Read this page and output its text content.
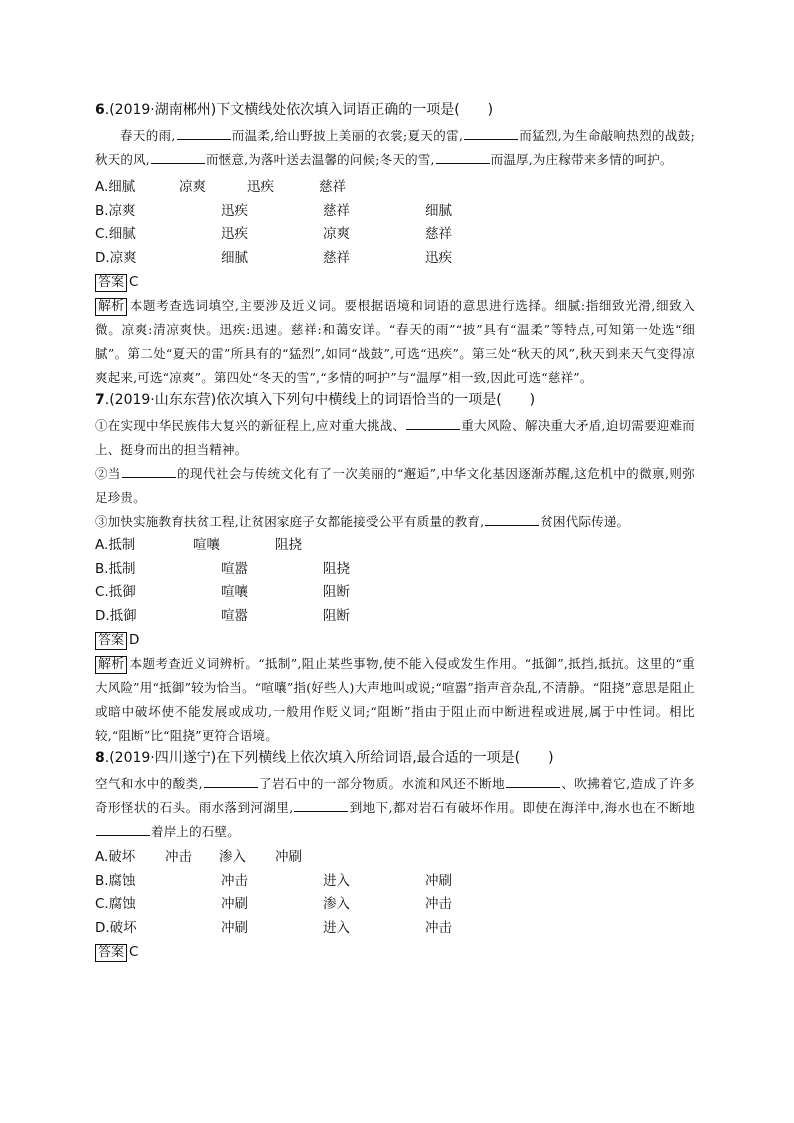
6.(2019·湖南郴州)下文横线处依次填入词语正确的一项是(　　)

春天的雨,	而温柔,给山野披上美丽的衣裳;夏天的雷,	而猛烈,为生命敲响热烈的战鼓;秋天的风,	而惬意,为落叶送去温馨的问候;冬天的雪,	而温厚,为庄稼带来多情的呵护。

A.细腻	凉爽	迅疾	慈祥
B.凉爽	迅疾	慈祥	细腻
C.细腻	迅疾	凉爽	慈祥
D.凉爽	细腻	慈祥	迅疾

答案 C

解析 本题考查选词填空,主要涉及近义词。要根据语境和词语的意思进行选择。细腻:指细致光滑,细致入微。凉爽:清凉爽快。迅疾:迅速。慈祥:和蔼安详。“春天的雨”“披”具有“温柔”等特点,可知第一处选“细腻”。第二处“夏天的雷”所具有的“猛烈”,如同“战鼓”,可选“迅疾”。第三处“秋天的风”,秋天到来天气变得凉爽起来,可选“凉爽”。第四处“冬天的雪”,“多情的呵护”与“温厚”相一致,因此可选“慈祥”。

7.(2019·山东东营)依次填入下列句中横线上的词语恰当的一项是(　　)

①在实现中华民族伟大复兴的新征程上,应对重大挑战、	重大风险、解决重大矛盾,迫切需要迎难而上、挺身而出的担当精神。

②当	的现代社会与传统文化有了一次美丽的“邂逅”,中华文化基因逐渐苏醒,这危机中的微禀,则弥足珍贵。

③加快实施教育扶贫工程,让贫困家庭子女都能接受公平有质量的教育,	贫困代际传递。

A.抵制	喧嚷	阻挠
B.抵制	喧嚣	阻挠
C.抵御	喧嚷	阻断
D.抵御	喧嚣	阻断

答案 D

解析 本题考查近义词辨析。“抵制”,阻止某些事物,使不能入侵或发生作用。“抵御”,抵挡,抵抗。这里的“重大风险”用“抵御”较为恰当。“喧嚷”指(好些人)大声地叫或说;“喧嚣”指声音杂乱,不清静。“阻挠”意思是阻止或暗中破坏使不能发展或成功,一般用作贬义词;“阻断”指由于阻止而中断进程或进展,属于中性词。相比较,“阻断”比“阻挠”更符合语境。

8.(2019·四川遂宁)在下列横线上依次填入所给词语,最合适的一项是(　　)

空气和水中的酸类,	了岩石中的一部分物质。水流和风还不断地	、吹拂着它,造成了许多奇形怪状的石头。雨水落到河湖里,	到地下,都对岩石有破坏作用。即使在海洋中,海水也在不断地着岸上的石壁。

A.破坏 冲击 渗入 冲刷
B.腐蚀	冲击	进入	冲刷
C.腐蚀	冲刷	渗入	冲击
D.破坏	冲刷	进入	冲击

答案 C
